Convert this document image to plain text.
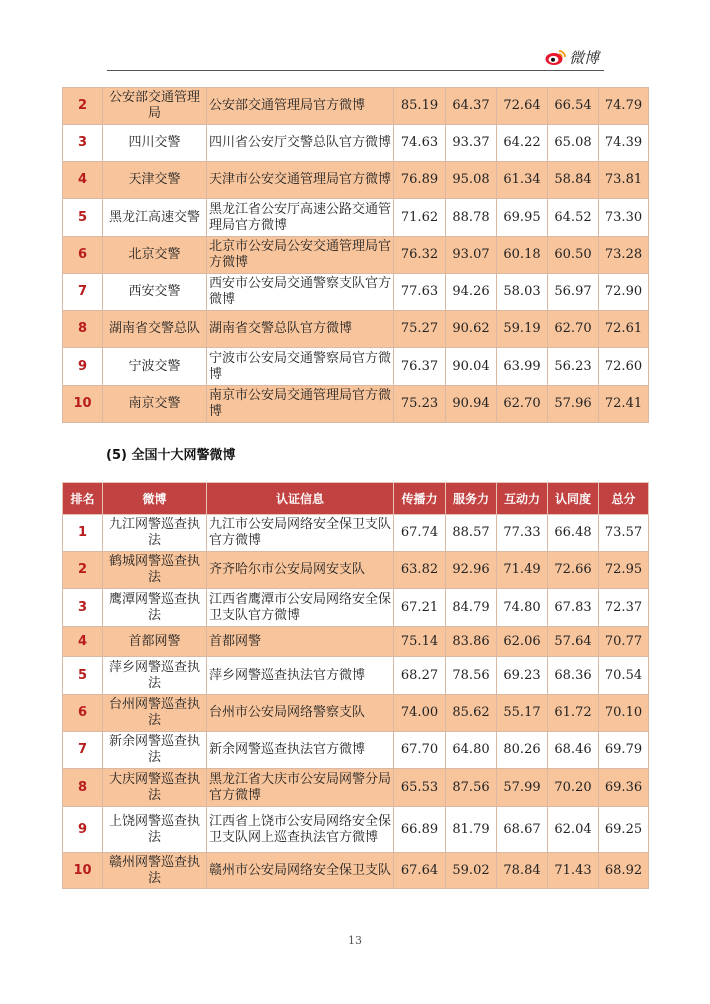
微博
2	公安部交通管理局	公安部交通管理局官方微博	85.19	64.37	72.64	66.54	74.79
3	四川交警	四川省公安厅交警总队官方微博	74.63	93.37	64.22	65.08	74.39
4	天津交警	天津市公安交通管理局官方微博	76.89	95.08	61.34	58.84	73.81
5	黑龙江高速交警	黑龙江省公安厅高速公路交通管理局官方微博	71.62	88.78	69.95	64.52	73.30
6	北京交警	北京市公安局公安交通管理局官方微博	76.32	93.07	60.18	60.50	73.28
7	西安交警	西安市公安局交通警察支队官方微博	77.63	94.26	58.03	56.97	72.90
8	湖南省交警总队	湖南省交警总队官方微博	75.27	90.62	59.19	62.70	72.61
9	宁波交警	宁波市公安局交通警察局官方微博	76.37	90.04	63.99	56.23	72.60
10	南京交警	南京市公安局交通管理局官方微博	75.23	90.94	62.70	57.96	72.41
(5) 全国十大网警微博
排名	微博	认证信息	传播力	服务力	互动力	认同度	总分
1	九江网警巡查执法	九江市公安局网络安全保卫支队官方微博	67.74	88.57	77.33	66.48	73.57
2	鹤城网警巡查执法	齐齐哈尔市公安局网安支队	63.82	92.96	71.49	72.66	72.95
3	鹰潭网警巡查执法	江西省鹰潭市公安局网络安全保卫支队官方微博	67.21	84.79	74.80	67.83	72.37
4	首都网警	首都网警	75.14	83.86	62.06	57.64	70.77
5	萍乡网警巡查执法	萍乡网警巡查执法官方微博	68.27	78.56	69.23	68.36	70.54
6	台州网警巡查执法	台州市公安局网络警察支队	74.00	85.62	55.17	61.72	70.10
7	新余网警巡查执法	新余网警巡查执法官方微博	67.70	64.80	80.26	68.46	69.79
8	大庆网警巡查执法	黑龙江省大庆市公安局网警分局官方微博	65.53	87.56	57.99	70.20	69.36
9	上饶网警巡查执法	江西省上饶市公安局网络安全保卫支队网上巡查执法官方微博	66.89	81.79	68.67	62.04	69.25
10	赣州网警巡查执法	赣州市公安局网络安全保卫支队	67.64	59.02	78.84	71.43	68.92
13
